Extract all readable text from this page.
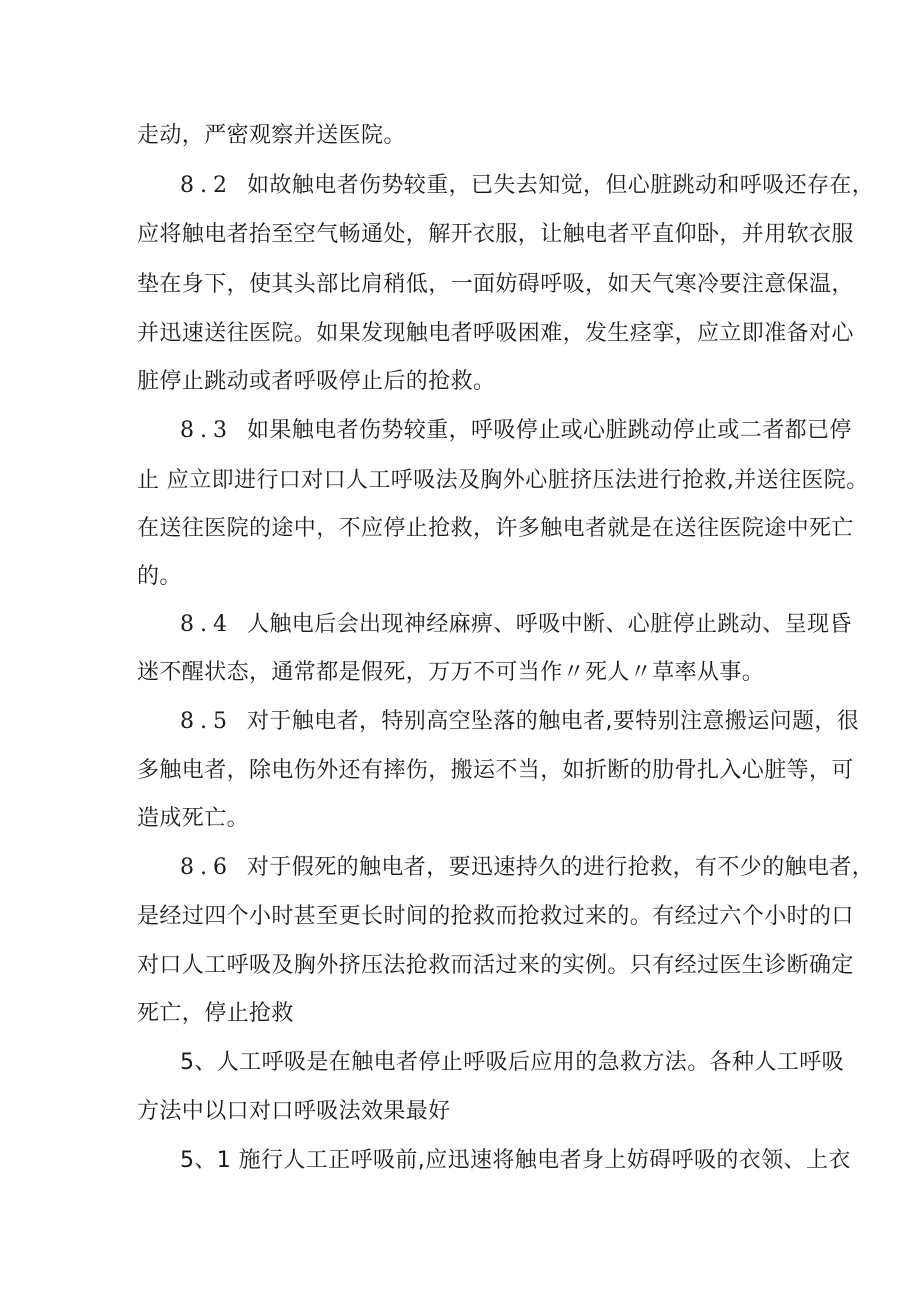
走动，严密观察并送医院。
8.2 如故触电者伤势较重，已失去知觉，但心脏跳动和呼吸还存在，
应将触电者抬至空气畅通处，解开衣服，让触电者平直仰卧，并用软衣服
垫在身下，使其头部比肩稍低，一面妨碍呼吸，如天气寒冷要注意保温，
并迅速送往医院。如果发现触电者呼吸困难，发生痉挛，应立即准备对心
脏停止跳动或者呼吸停止后的抢救。
8.3 如果触电者伤势较重，呼吸停止或心脏跳动停止或二者都已停
止 应立即进行口对口人工呼吸法及胸外心脏挤压法进行抢救,并送往医院。
在送往医院的途中，不应停止抢救，许多触电者就是在送往医院途中死亡
的。
8.4 人触电后会出现神经麻痹、呼吸中断、心脏停止跳动、呈现昏
迷不醒状态，通常都是假死，万万不可当作〃死人〃草率从事。
8.5 对于触电者，特别高空坠落的触电者,要特别注意搬运问题，很
多触电者，除电伤外还有摔伤，搬运不当，如折断的肋骨扎入心脏等，可
造成死亡。
8.6 对于假死的触电者，要迅速持久的进行抢救，有不少的触电者，
是经过四个小时甚至更长时间的抢救而抢救过来的。有经过六个小时的口
对口人工呼吸及胸外挤压法抢救而活过来的实例。只有经过医生诊断确定
死亡，停止抢救
5、人工呼吸是在触电者停止呼吸后应用的急救方法。各种人工呼吸
方法中以口对口呼吸法效果最好
5、1 施行人工正呼吸前,应迅速将触电者身上妨碍呼吸的衣领、上衣
